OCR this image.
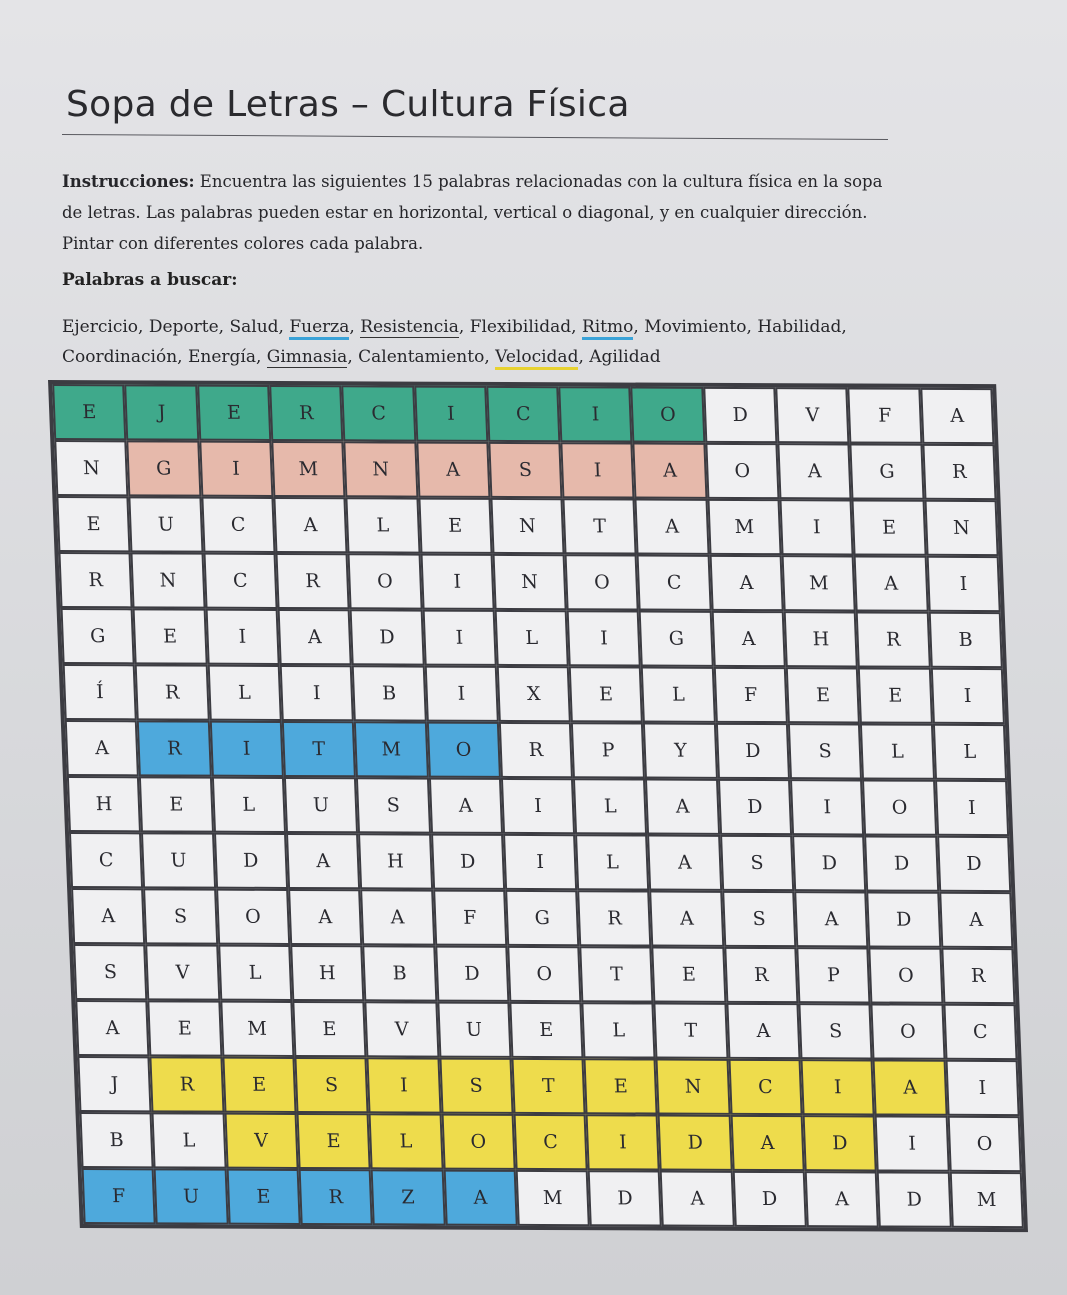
Sopa de Letras – Cultura Física
Instrucciones: Encuentra las siguientes 15 palabras relacionadas con la cultura física en la sopa de letras. Las palabras pueden estar en horizontal, vertical o diagonal, y en cualquier dirección. Pintar con diferentes colores cada palabra.
Palabras a buscar:
Ejercicio, Deporte, Salud, Fuerza, Resistencia, Flexibilidad, Ritmo, Movimiento, Habilidad, Coordinación, Energía, Gimnasia, Calentamiento, Velocidad, Agilidad
E	J	E	R	C	I	C	I	O	D	V	F	A
N	G	I	M	N	A	S	I	A	O	A	G	R
E	U	C	A	L	E	N	T	A	M	I	E	N
R	N	C	R	O	I	N	O	C	A	M	A	I
G	E	I	A	D	I	L	I	G	A	H	R	B
Í	R	L	I	B	I	X	E	L	F	E	E	I
A	R	I	T	M	O	R	P	Y	D	S	L	L
H	E	L	U	S	A	I	L	A	D	I	O	I
C	U	D	A	H	D	I	L	A	S	D	D	D
A	S	O	A	A	F	G	R	A	S	A	D	A
S	V	L	H	B	D	O	T	E	R	P	O	R
A	E	M	E	V	U	E	L	T	A	S	O	C
J	R	E	S	I	S	T	E	N	C	I	A	I
B	L	V	E	L	O	C	I	D	A	D	I	O
F	U	E	R	Z	A	M	D	A	D	A	D	M
